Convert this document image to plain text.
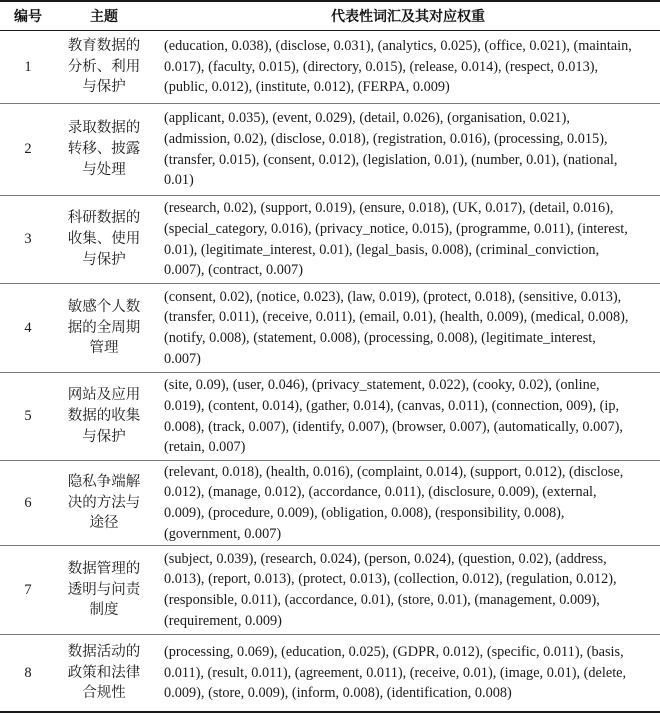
编号	主题	代表性词汇及其对应权重
1
教育数据的
分析、利用
与保护
(education, 0.038), (disclose, 0.031), (analytics, 0.025), (office, 0.021), (maintain,
0.017), (faculty, 0.015), (directory, 0.015), (release, 0.014), (respect, 0.013),
(public, 0.012), (institute, 0.012), (FERPA, 0.009)
2
录取数据的
转移、披露
与处理
(applicant, 0.035), (event, 0.029), (detail, 0.026), (organisation, 0.021),
(admission, 0.02), (disclose, 0.018), (registration, 0.016), (processing, 0.015),
(transfer, 0.015), (consent, 0.012), (legislation, 0.01), (number, 0.01), (national,
0.01)
3
科研数据的
收集、使用
与保护
(research, 0.02), (support, 0.019), (ensure, 0.018), (UK, 0.017), (detail, 0.016),
(special_category, 0.016), (privacy_notice, 0.015), (programme, 0.011), (interest,
0.01), (legitimate_interest, 0.01), (legal_basis, 0.008), (criminal_conviction,
0.007), (contract, 0.007)
4
敏感个人数
据的全周期
管理
(consent, 0.02), (notice, 0.023), (law, 0.019), (protect, 0.018), (sensitive, 0.013),
(transfer, 0.011), (receive, 0.011), (email, 0.01), (health, 0.009), (medical, 0.008),
(notify, 0.008), (statement, 0.008), (processing, 0.008), (legitimate_interest,
0.007)
5
网站及应用
数据的收集
与保护
(site, 0.09), (user, 0.046), (privacy_statement, 0.022), (cooky, 0.02), (online,
0.019), (content, 0.014), (gather, 0.014), (canvas, 0.011), (connection, 009), (ip,
0.008), (track, 0.007), (identify, 0.007), (browser, 0.007), (automatically, 0.007),
(retain, 0.007)
6
隐私争端解
决的方法与
途径
(relevant, 0.018), (health, 0.016), (complaint, 0.014), (support, 0.012), (disclose,
0.012), (manage, 0.012), (accordance, 0.011), (disclosure, 0.009), (external,
0.009), (procedure, 0.009), (obligation, 0.008), (responsibility, 0.008),
(government, 0.007)
7
数据管理的
透明与问责
制度
(subject, 0.039), (research, 0.024), (person, 0.024), (question, 0.02), (address,
0.013), (report, 0.013), (protect, 0.013), (collection, 0.012), (regulation, 0.012),
(responsible, 0.011), (accordance, 0.01), (store, 0.01), (management, 0.009),
(requirement, 0.009)
8
数据活动的
政策和法律
合规性
(processing, 0.069), (education, 0.025), (GDPR, 0.012), (specific, 0.011), (basis,
0.011), (result, 0.011), (agreement, 0.011), (receive, 0.01), (image, 0.01), (delete,
0.009), (store, 0.009), (inform, 0.008), (identification, 0.008)
